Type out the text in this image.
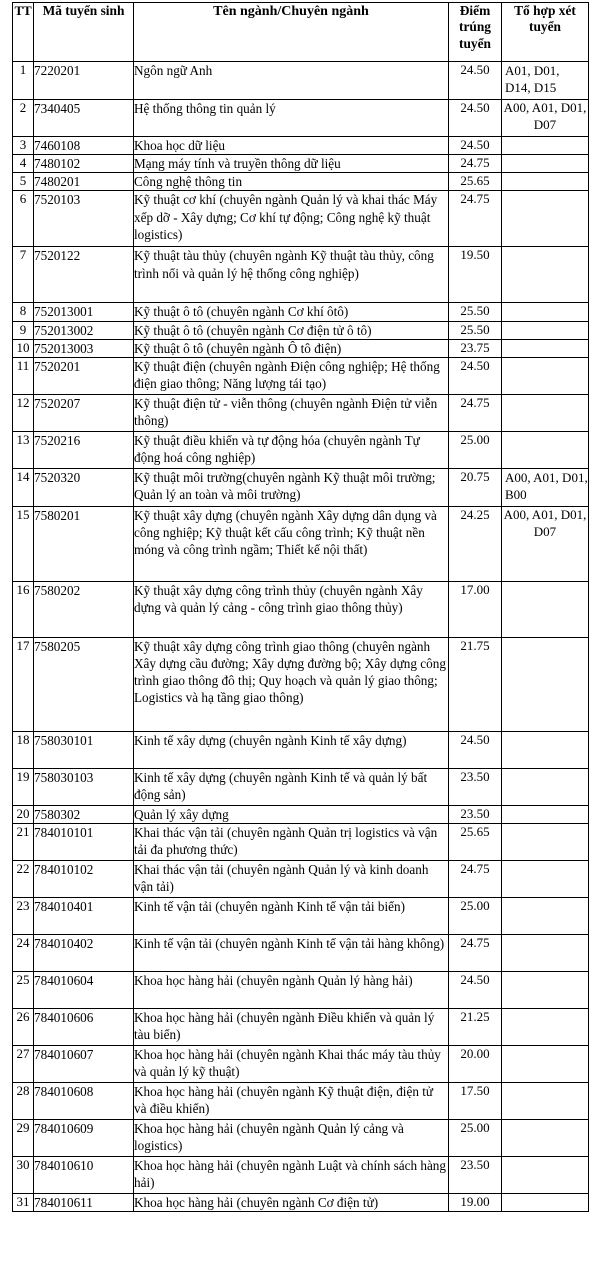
TT	Mã tuyển sinh	Tên ngành/Chuyên ngành	Điểm trúng tuyển	Tổ hợp xét tuyển
1	7220201	Ngôn ngữ Anh	24.50	A01, D01, D14, D15
2	7340405	Hệ thống thông tin quản lý	24.50	A00, A01, D01, D07
3	7460108	Khoa học dữ liệu	24.50	
4	7480102	Mạng máy tính và truyền thông dữ liệu	24.75	
5	7480201	Công nghệ thông tin	25.65	
6	7520103	Kỹ thuật cơ khí (chuyên ngành Quản lý và khai thác Máy xếp dỡ - Xây dựng; Cơ khí tự động; Công nghệ kỹ thuật logistics)	24.75	
7	7520122	Kỹ thuật tàu thủy (chuyên ngành Kỹ thuật tàu thủy, công trình nổi và quản lý hệ thống công nghiệp)	19.50	
8	752013001	Kỹ thuật ô tô (chuyên ngành Cơ khí ôtô)	25.50	
9	752013002	Kỹ thuật ô tô (chuyên ngành Cơ điện tử ô tô)	25.50	
10	752013003	Kỹ thuật ô tô (chuyên ngành Ô tô điện)	23.75	
11	7520201	Kỹ thuật điện (chuyên ngành Điện công nghiệp; Hệ thống điện giao thông; Năng lượng tái tạo)	24.50	
12	7520207	Kỹ thuật điện tử - viễn thông (chuyên ngành Điện tử viễn thông)	24.75	
13	7520216	Kỹ thuật điều khiển và tự động hóa (chuyên ngành Tự động hoá công nghiệp)	25.00	
14	7520320	Kỹ thuật môi trường(chuyên ngành Kỹ thuật môi trường; Quản lý an toàn và môi trường)	20.75	A00, A01, D01, B00
15	7580201	Kỹ thuật xây dựng (chuyên ngành Xây dựng dân dụng và công nghiệp; Kỹ thuật kết cấu công trình; Kỹ thuật nền móng và công trình ngầm; Thiết kế nội thất)	24.25	A00, A01, D01, D07
16	7580202	Kỹ thuật xây dựng công trình thủy (chuyên ngành Xây dựng và quản lý cảng - công trình giao thông thủy)	17.00	
17	7580205	Kỹ thuật xây dựng công trình giao thông (chuyên ngành Xây dựng cầu đường; Xây dựng đường bộ; Xây dựng công trình giao thông đô thị; Quy hoạch và quản lý giao thông; Logistics và hạ tầng giao thông)	21.75	
18	758030101	Kinh tế xây dựng (chuyên ngành Kinh tế xây dựng)	24.50	
19	758030103	Kinh tế xây dựng (chuyên ngành Kinh tế và quản lý bất động sản)	23.50	
20	7580302	Quản lý xây dựng	23.50	
21	784010101	Khai thác vận tải (chuyên ngành Quản trị logistics và vận tải đa phương thức)	25.65	
22	784010102	Khai thác vận tải (chuyên ngành Quản lý và kinh doanh vận tải)	24.75	
23	784010401	Kinh tế vận tải (chuyên ngành Kinh tế vận tải biển)	25.00	
24	784010402	Kinh tế vận tải (chuyên ngành Kinh tế vận tải hàng không)	24.75	
25	784010604	Khoa học hàng hải (chuyên ngành Quản lý hàng hải)	24.50	
26	784010606	Khoa học hàng hải (chuyên ngành Điều khiển và quản lý tàu biển)	21.25	
27	784010607	Khoa học hàng hải (chuyên ngành Khai thác máy tàu thủy và quản lý kỹ thuật)	20.00	
28	784010608	Khoa học hàng hải (chuyên ngành Kỹ thuật điện, điện tử và điều khiển)	17.50	
29	784010609	Khoa học hàng hải (chuyên ngành Quản lý cảng và logistics)	25.00	
30	784010610	Khoa học hàng hải (chuyên ngành Luật và chính sách hàng hải)	23.50	
31	784010611	Khoa học hàng hải (chuyên ngành Cơ điện tử)	19.00	
